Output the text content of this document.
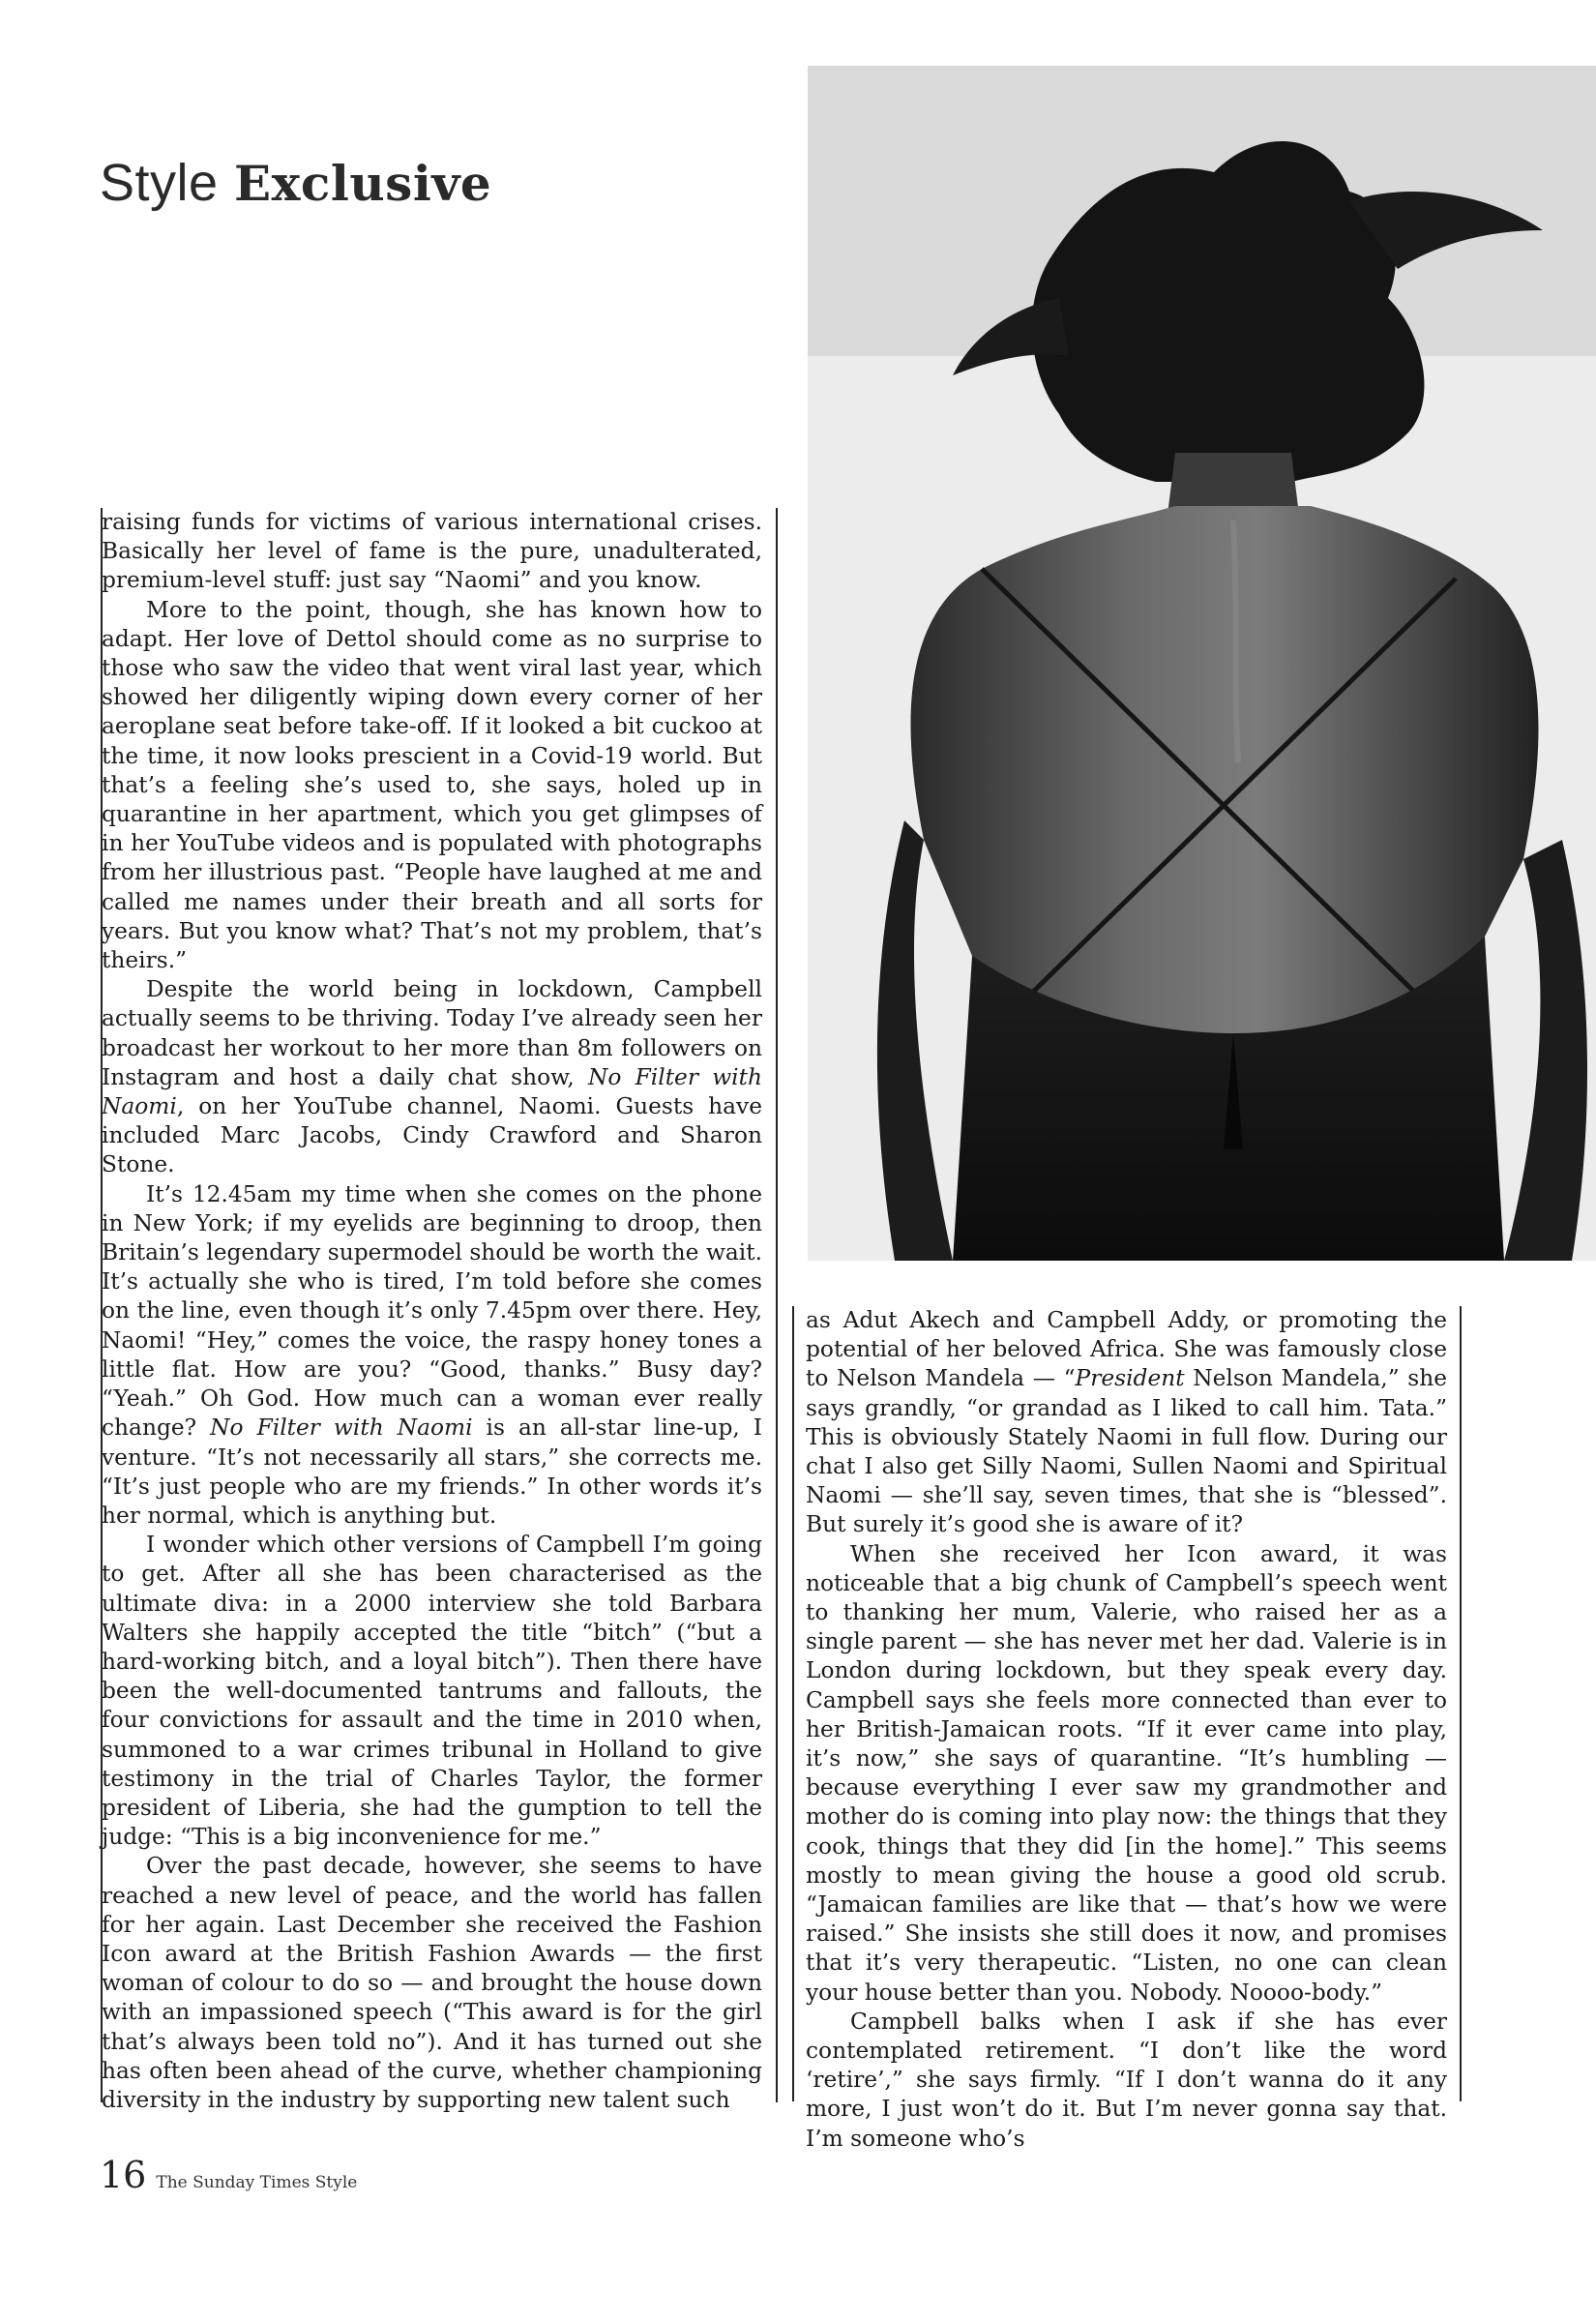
Style Exclusive

raising funds for victims of various international crises. Basically her level of fame is the pure, unadulterated, premium-level stuff: just say “Naomi” and you know.

More to the point, though, she has known how to adapt. Her love of Dettol should come as no surprise to those who saw the video that went viral last year, which showed her diligently wiping down every corner of her aeroplane seat before take-off. If it looked a bit cuckoo at the time, it now looks prescient in a Covid-19 world. But that’s a feeling she’s used to, she says, holed up in quarantine in her apartment, which you get glimpses of in her YouTube videos and is populated with photographs from her illustrious past. “People have laughed at me and called me names under their breath and all sorts for years. But you know what? That’s not my problem, that’s theirs.”

Despite the world being in lockdown, Campbell actually seems to be thriving. Today I’ve already seen her broadcast her workout to her more than 8m followers on Instagram and host a daily chat show, No Filter with Naomi, on her YouTube channel, Naomi. Guests have included Marc Jacobs, Cindy Crawford and Sharon Stone.

It’s 12.45am my time when she comes on the phone in New York; if my eyelids are beginning to droop, then Britain’s legendary supermodel should be worth the wait. It’s actually she who is tired, I’m told before she comes on the line, even though it’s only 7.45pm over there. Hey, Naomi! “Hey,” comes the voice, the raspy honey tones a little flat. How are you? “Good, thanks.” Busy day? “Yeah.” Oh God. How much can a woman ever really change? No Filter with Naomi is an all-star line-up, I venture. “It’s not necessarily all stars,” she corrects me. “It’s just people who are my friends.” In other words it’s her normal, which is anything but.

I wonder which other versions of Campbell I’m going to get. After all she has been characterised as the ultimate diva: in a 2000 interview she told Barbara Walters she happily accepted the title “bitch” (“but a hard-working bitch, and a loyal bitch”). Then there have been the well-documented tantrums and fallouts, the four convictions for assault and the time in 2010 when, summoned to a war crimes tribunal in Holland to give testimony in the trial of Charles Taylor, the former president of Liberia, she had the gumption to tell the judge: “This is a big inconvenience for me.”

Over the past decade, however, she seems to have reached a new level of peace, and the world has fallen for her again. Last December she received the Fashion Icon award at the British Fashion Awards — the first woman of colour to do so — and brought the house down with an impassioned speech (“This award is for the girl that’s always been told no”). And it has turned out she has often been ahead of the curve, whether championing diversity in the industry by supporting new talent such

as Adut Akech and Campbell Addy, or promoting the potential of her beloved Africa. She was famously close to Nelson Mandela — “President Nelson Mandela,” she says grandly, “or grandad as I liked to call him. Tata.” This is obviously Stately Naomi in full flow. During our chat I also get Silly Naomi, Sullen Naomi and Spiritual Naomi — she’ll say, seven times, that she is “blessed”. But surely it’s good she is aware of it?

When she received her Icon award, it was noticeable that a big chunk of Campbell’s speech went to thanking her mum, Valerie, who raised her as a single parent — she has never met her dad. Valerie is in London during lockdown, but they speak every day. Campbell says she feels more connected than ever to her British-Jamaican roots. “If it ever came into play, it’s now,” she says of quarantine. “It’s humbling — because everything I ever saw my grandmother and mother do is coming into play now: the things that they cook, things that they did [in the home].” This seems mostly to mean giving the house a good old scrub. “Jamaican families are like that — that’s how we were raised.” She insists she still does it now, and promises that it’s very therapeutic. “Listen, no one can clean your house better than you. Nobody. Noooo-body.”

Campbell balks when I ask if she has ever contemplated retirement. “I don’t like the word ‘retire’,” she says firmly. “If I don’t wanna do it any more, I just won’t do it. But I’m never gonna say that. I’m someone who’s

16 The Sunday Times Style
